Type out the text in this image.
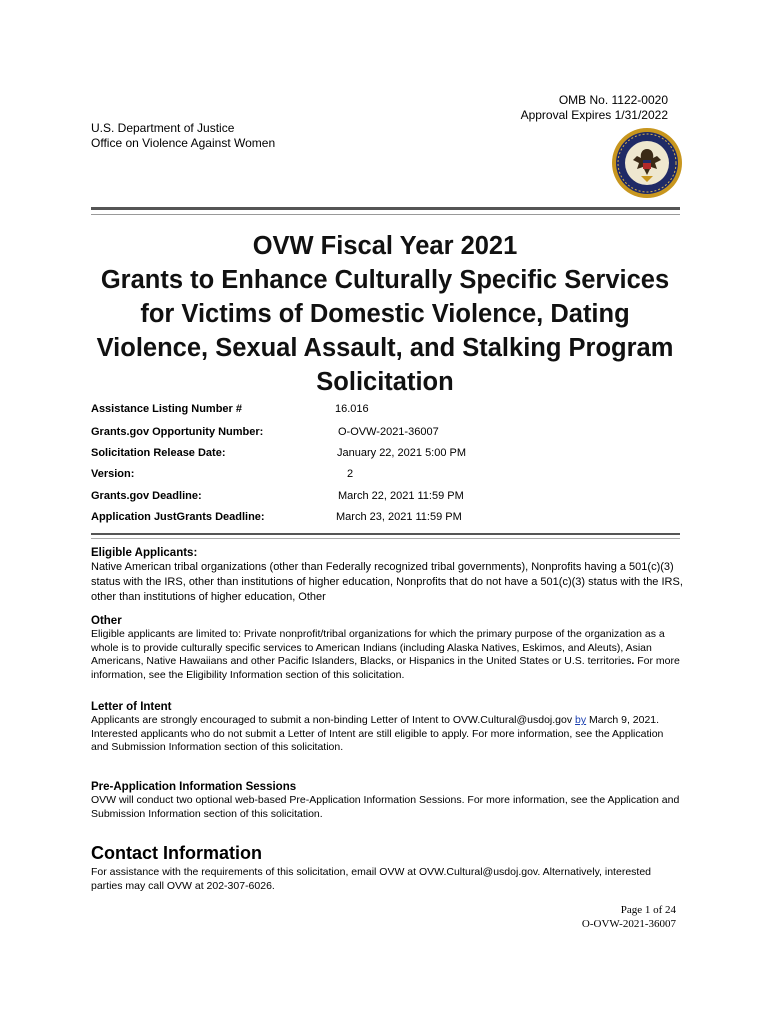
OMB No. 1122-0020
Approval Expires 1/31/2022
U.S. Department of Justice
Office on Violence Against Women
OVW Fiscal Year 2021
Grants to Enhance Culturally Specific Services
for Victims of Domestic Violence, Dating
Violence, Sexual Assault, and Stalking Program
Solicitation
Assistance Listing Number #	16.016
Grants.gov Opportunity Number:	O-OVW-2021-36007
Solicitation Release Date:	January 22, 2021 5:00 PM
Version:	2
Grants.gov Deadline:	March 22, 2021 11:59 PM
Application JustGrants Deadline:	March 23, 2021 11:59 PM
Eligible Applicants:
Native American tribal organizations (other than Federally recognized tribal governments), Nonprofits having a 501(c)(3) status with the IRS, other than institutions of higher education, Nonprofits that do not have a 501(c)(3) status with the IRS, other than institutions of higher education, Other
Other
Eligible applicants are limited to: Private nonprofit/tribal organizations for which the primary purpose of the organization as a whole is to provide culturally specific services to American Indians (including Alaska Natives, Eskimos, and Aleuts), Asian Americans, Native Hawaiians and other Pacific Islanders, Blacks, or Hispanics in the United States or U.S. territories. For more information, see the Eligibility Information section of this solicitation.
Letter of Intent
Applicants are strongly encouraged to submit a non-binding Letter of Intent to OVW.Cultural@usdoj.gov by March 9, 2021. Interested applicants who do not submit a Letter of Intent are still eligible to apply. For more information, see the Application and Submission Information section of this solicitation.
Pre-Application Information Sessions
OVW will conduct two optional web-based Pre-Application Information Sessions. For more information, see the Application and Submission Information section of this solicitation.
Contact Information
For assistance with the requirements of this solicitation, email OVW at OVW.Cultural@usdoj.gov. Alternatively, interested parties may call OVW at 202-307-6026.
Page 1 of 24
O-OVW-2021-36007
